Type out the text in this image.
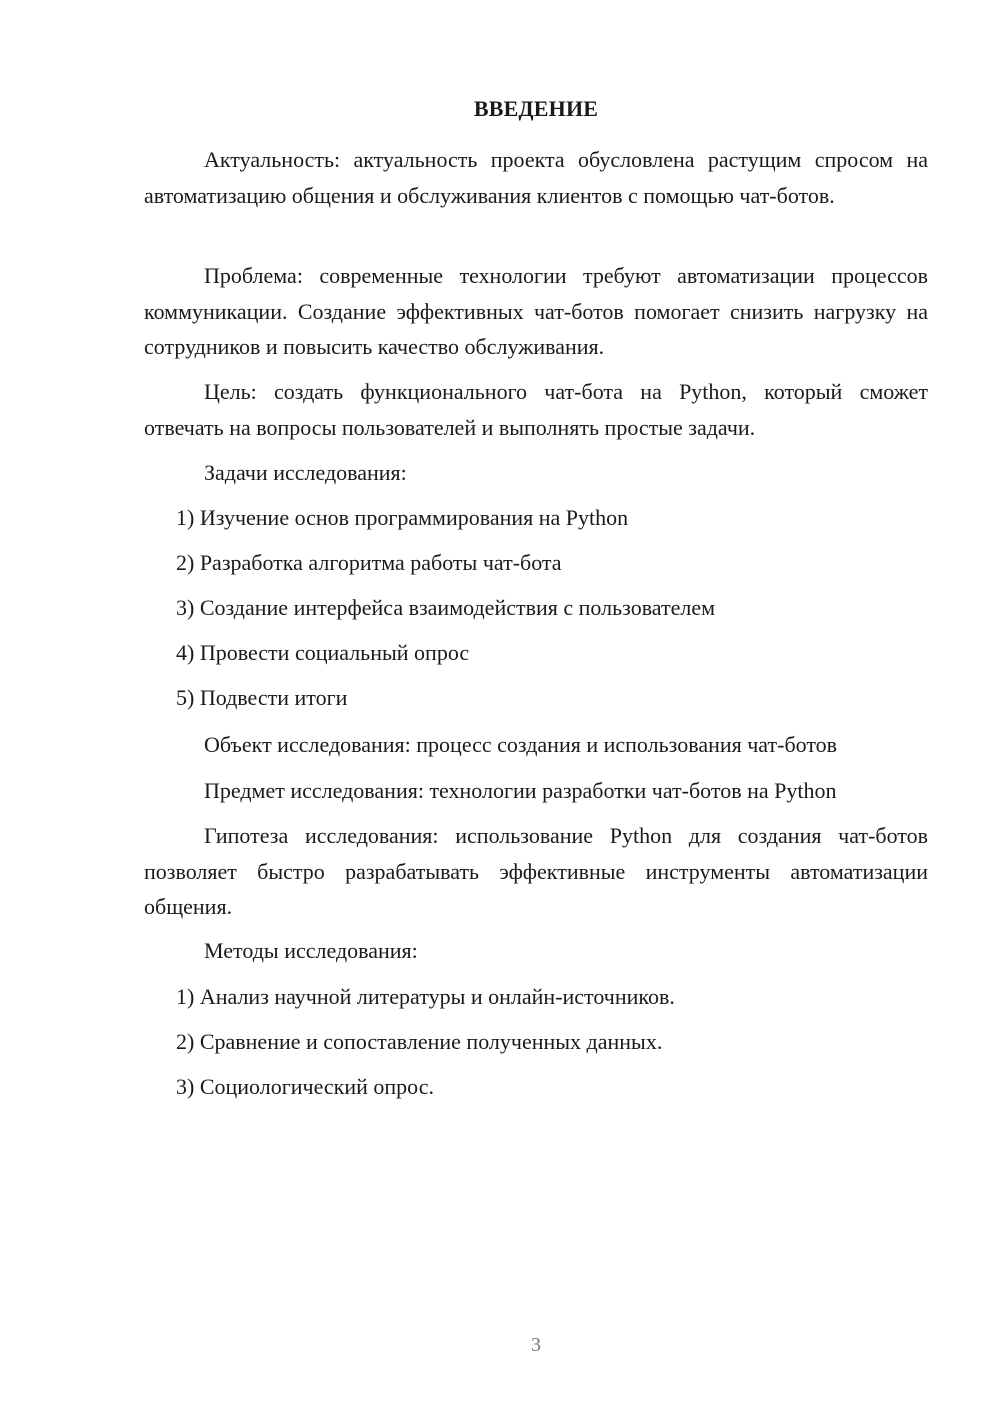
ВВЕДЕНИЕ
Актуальность: актуальность проекта обусловлена растущим спросом на автоматизацию общения и обслуживания клиентов с помощью чат-ботов.
Проблема: современные технологии требуют автоматизации процессов коммуникации. Создание эффективных чат-ботов помогает снизить нагрузку на сотрудников и повысить качество обслуживания.
Цель: создать функционального чат-бота на Python, который сможет отвечать на вопросы пользователей и выполнять простые задачи.
Задачи исследования:
1) Изучение основ программирования на Python
2) Разработка алгоритма работы чат-бота
3) Создание интерфейса взаимодействия с пользователем
4) Провести социальный опрос
5) Подвести итоги
Объект исследования: процесс создания и использования чат-ботов
Предмет исследования: технологии разработки чат-ботов на Python
Гипотеза исследования: использование Python для создания чат-ботов позволяет быстро разрабатывать эффективные инструменты автоматизации общения.
Методы исследования:
1) Анализ научной литературы и онлайн-источников.
2) Сравнение и сопоставление полученных данных.
3) Социологический опрос.
3
